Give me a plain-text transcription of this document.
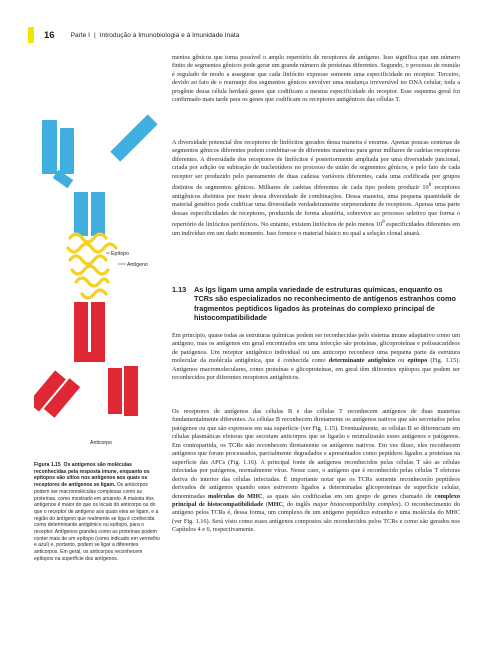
16 Parte I | Introdução à Imunobiologia e à Imunidade Inata

mentos gênicos que torna possível o amplo repertório de receptores de antígeno. Isso significa que um número finito de segmentos gênicos pode gerar um grande número de proteínas diferentes. Segundo, o processo de reunião é regulado de modo a assegurar que cada linfócito expresse somente uma especificidade no receptor. Terceiro, devido ao fato de o rearranjo dos segmentos gênicos envolver uma mudança irreversível no DNA celular, toda a progênie dessa célula herdará genes que codificam a mesma especificidade do receptor. Esse esquema geral foi confirmado mais tarde para os genes que codificam os receptores antigênicos das células T.

A diversidade potencial dos receptores de linfócitos gerados dessa maneira é enorme. Apenas poucas centenas de segmentos gênicos diferentes podem combinar-se de diferentes maneiras para gerar milhares de cadeias receptoras diferentes. A diversidade dos receptores de linfócitos é posteriormente ampliada por uma diversidade juncional, criada por adição ou subtração de nucleotídeos no processo de união de segmentos gênicos, e pelo fato de cada receptor ser produzido pelo pareamento de duas cadeias variáveis diferentes, cada uma codificada por grupos distintos de segmentos gênicos. Milhares de cadeias diferentes de cada tipo podem produzir $10^8$ receptores antigênicos distintos por meio dessa diversidade de combinações. Dessa maneira, uma pequena quantidade de material genético pode codificar uma diversidade verdadeiramente surpreendente de receptores. Apenas uma parte dessas especificidades de receptores, produzida de forma aleatória, sobrevive ao processo seletivo que forma o repertório de linfócitos periféricos. No entanto, existem linfócitos de pelo menos $10^8$ especificidades diferentes em um indivíduo em um dado momento. Isso fornece o material básico no qual a seleção clonal atuará.

1.13 As Igs ligam uma ampla variedade de estruturas químicas, enquanto os TCRs são especializados no reconhecimento de antígenos estranhos como fragmentos peptídicos ligados às proteínas do complexo principal de histocompatibilidade

Em princípio, quase todas as estruturas químicas podem ser reconhecidas pelo sistema imune adaptativo como um antígeno, mas os antígenos em geral encontrados em uma infecção são proteínas, glicoproteínas e polissacarídeos de patógenos. Um receptor antigênico individual ou um anticorpo reconhece uma pequena parte da estrutura molecular da molécula antigênica, que é conhecida como determinante antigênico ou epítopo (Fig. 1.15). Antígenos macromoleculares, como proteínas e glicoproteínas, em geral têm diferentes epítopos que podem ser reconhecidos por diferentes receptores antigênicos.

Os receptores de antígenos das células B e das células T reconhecem antígenos de duas maneiras fundamentalmente diferentes. As células B reconhecem diretamente os antígenos nativos que são secretados pelos patógenos ou que são expressos em sua superfície (ver Fig. 1.15). Eventualmente, as células B se diferenciam em células plasmáticas efetoras que secretam anticorpos que se ligarão e neutralizarão esses antígenos e patógenos. Em contrapartida, os TCRs não reconhecem diretamente os antígenos nativos. Em vez disso, eles reconhecem antígenos que foram processados, parcialmente degradados e apresentados como peptídeos ligados a proteínas na superfície das APCs (Fig. 1.16). A principal fonte de antígenos reconhecidos pelas células T são as células infectadas por patógenos, normalmente vírus. Nesse caso, o antígeno que é reconhecido pelas células T efetoras deriva do interior das células infectadas. É importante notar que os TCRs somente reconhecerão peptídeos derivados de antígenos quando estes estiverem ligados a determinadas glicoproteínas de superfície celular, denominadas moléculas do MHC, as quais são codificadas em um grupo de genes chamado de complexo principal de histocompatibilidade (MHC, do inglês major histocompatibility complex). O reconhecimento do antígeno pelos TCRs é, dessa forma, um complexo de um antígeno peptídico estranho e uma molécula do MHC (ver Fig. 1.16). Será visto como esses antígenos compostos são reconhecidos pelos TCRs e como são gerados nos Capítulos 4 e 6, respectivamente.

Epítopo
Antígeno
Anticorpo
Figura 1.15 Os antígenos são moléculas reconhecidas pela resposta imune, enquanto os epítopos são sítios nos antígenos aos quais os receptores de antígenos se ligam. Os anticorpos podem ser macromoléculas complexas como as proteínas, como mostrado em amarelo. A maioria dos antígenos é maior do que os locais do anticorpo ou do que o receptor de antígeno aos quais eles se ligam, e a região do antígeno que realmente se liga é conhecida como determinante antigênico ou epítopo, para o receptor. Antígenos grandes como as proteínas podem conter mais de um epítopo (como indicado em vermelho e azul) e, portanto, podem se ligar a diferentes anticorpos. Em geral, os anticorpos reconhecem epítopos na superfície dos antígenos.
